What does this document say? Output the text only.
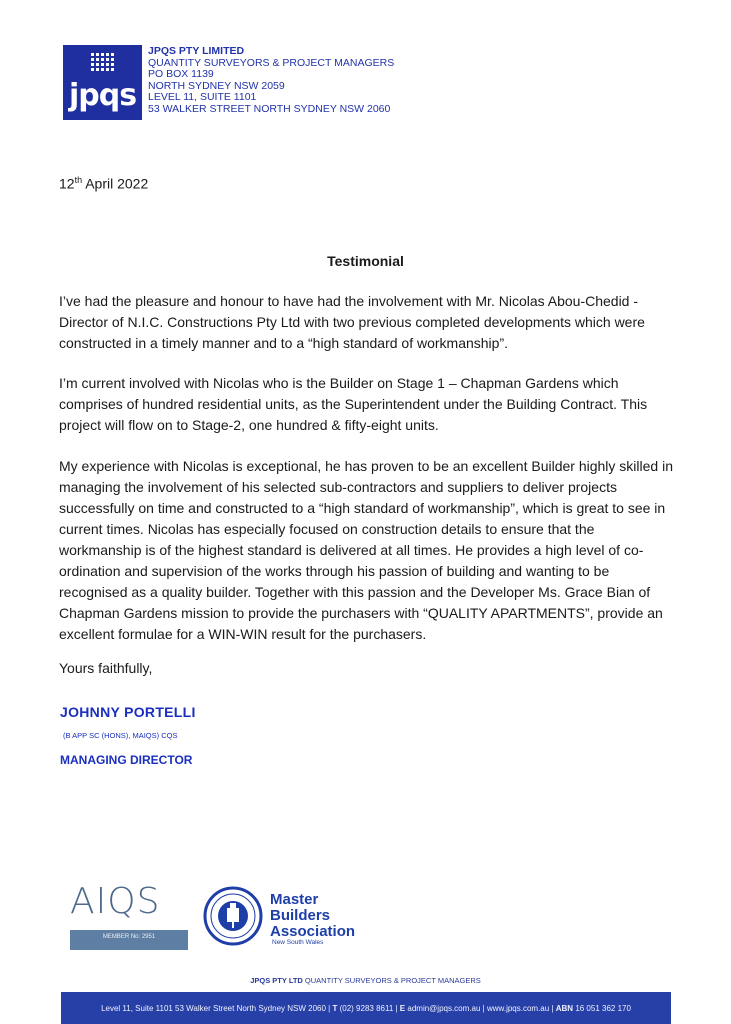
jpqs
JPQS PTY LIMITED
QUANTITY SURVEYORS & PROJECT MANAGERS
PO BOX 1139
NORTH SYDNEY NSW 2059
LEVEL 11, SUITE 1101
53 WALKER STREET NORTH SYDNEY NSW 2060
12th April 2022
Testimonial
I’ve had the pleasure and honour to have had the involvement with Mr. Nicolas Abou-Chedid - Director of N.I.C. Constructions Pty Ltd with two previous completed developments which were constructed in a timely manner and to a “high standard of workmanship”.
I’m current involved with Nicolas who is the Builder on Stage 1 – Chapman Gardens which comprises of hundred residential units, as the Superintendent under the Building Contract. This project will flow on to Stage-2, one hundred & fifty-eight units.
My experience with Nicolas is exceptional, he has proven to be an excellent Builder highly skilled in managing the involvement of his selected sub-contractors and suppliers to deliver projects successfully on time and constructed to a “high standard of workmanship”, which is great to see in current times. Nicolas has especially focused on construction details to ensure that the workmanship is of the highest standard is delivered at all times. He provides a high level of co-ordination and supervision of the works through his passion of building and wanting to be recognised as a quality builder. Together with this passion and the Developer Ms. Grace Bian of Chapman Gardens mission to provide the purchasers with “QUALITY APARTMENTS”, provide an excellent formulae for a WIN-WIN result for the purchasers.
Yours faithfully,
JOHNNY PORTELLI
(B APP SC (HONS), MAIQS) CQS
MANAGING DIRECTOR
AIQS
MEMBER No: 2951
Master
Builders
Association
New South Wales
JPQS PTY LTD QUANTITY SURVEYORS & PROJECT MANAGERS
Level 11, Suite 1101 53 Walker Street North Sydney NSW 2060 | T (02) 9283 8611 | E admin@jpqs.com.au | www.jpqs.com.au | ABN 16 051 362 170
